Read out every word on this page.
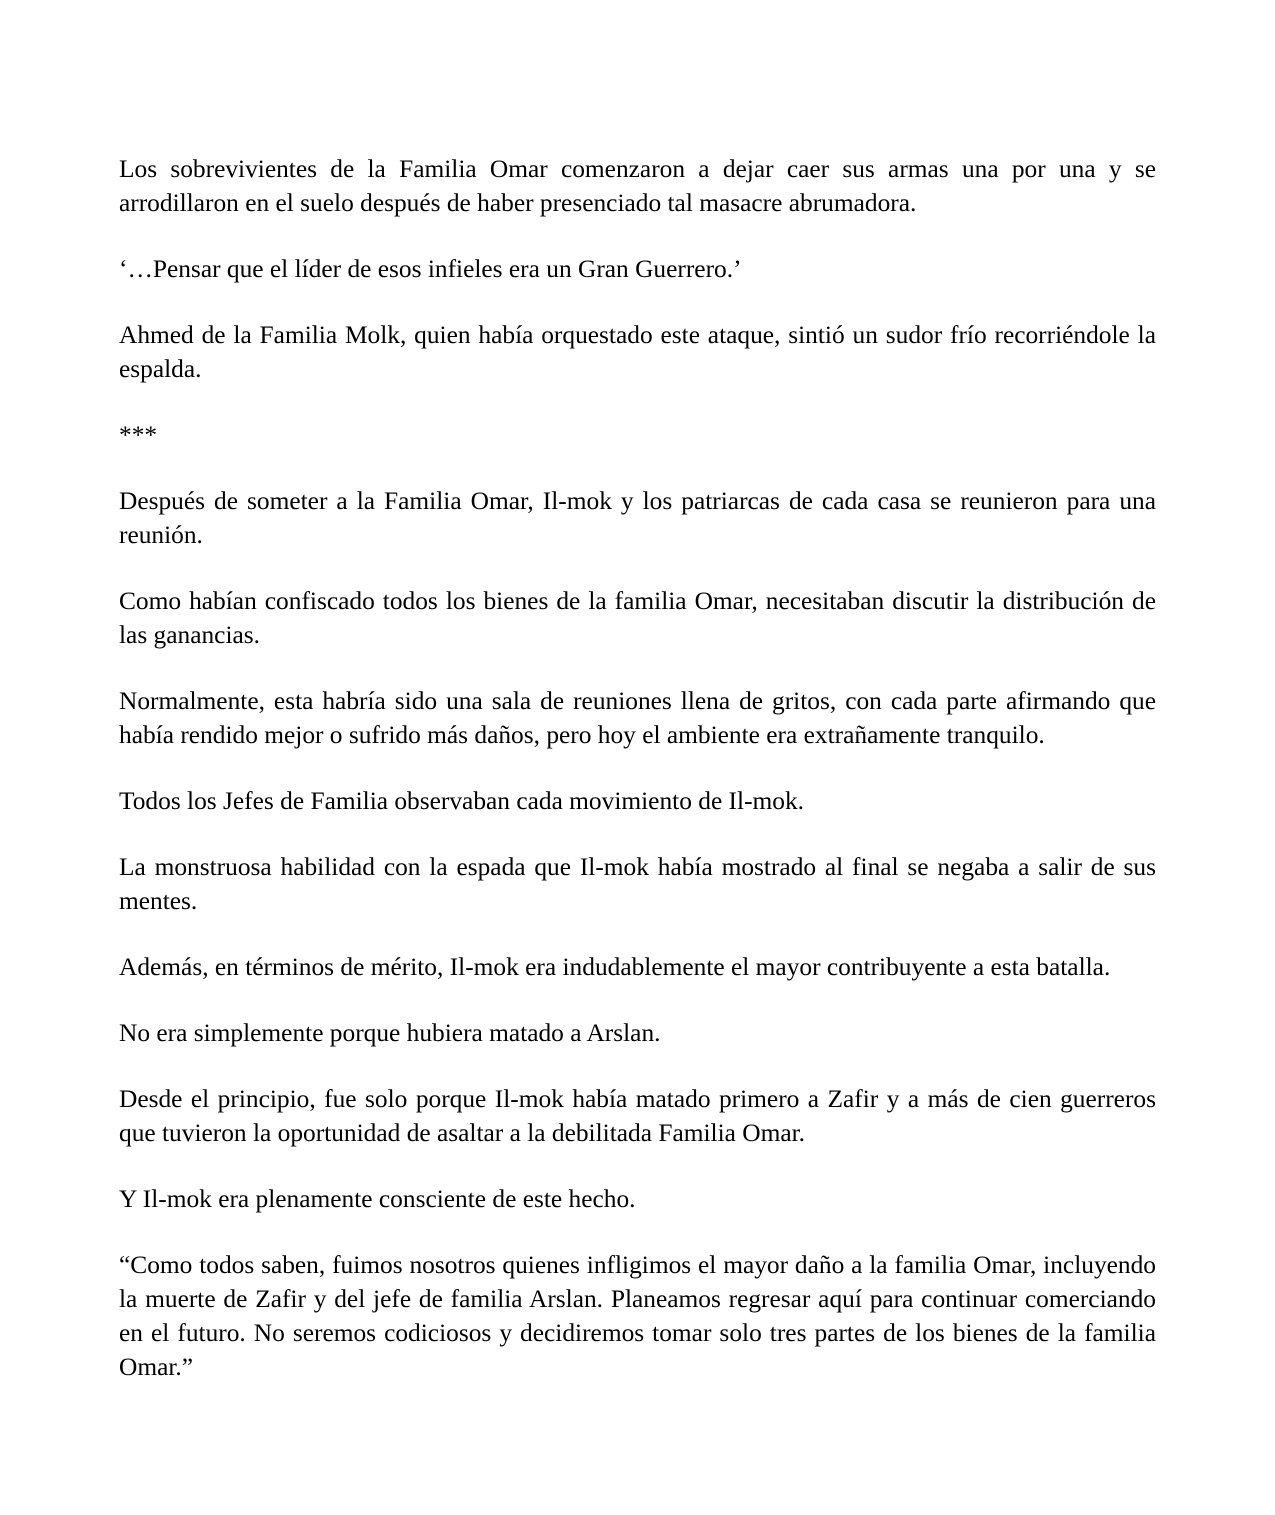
Los sobrevivientes de la Familia Omar comenzaron a dejar caer sus armas una por una y se arrodillaron en el suelo después de haber presenciado tal masacre abrumadora.

‘…Pensar que el líder de esos infieles era un Gran Guerrero.’

Ahmed de la Familia Molk, quien había orquestado este ataque, sintió un sudor frío recorriéndole la espalda.

***

Después de someter a la Familia Omar, Il-mok y los patriarcas de cada casa se reunieron para una reunión.

Como habían confiscado todos los bienes de la familia Omar, necesitaban discutir la distribución de las ganancias.

Normalmente, esta habría sido una sala de reuniones llena de gritos, con cada parte afirmando que había rendido mejor o sufrido más daños, pero hoy el ambiente era extrañamente tranquilo.

Todos los Jefes de Familia observaban cada movimiento de Il-mok.

La monstruosa habilidad con la espada que Il-mok había mostrado al final se negaba a salir de sus mentes.

Además, en términos de mérito, Il-mok era indudablemente el mayor contribuyente a esta batalla.

No era simplemente porque hubiera matado a Arslan.

Desde el principio, fue solo porque Il-mok había matado primero a Zafir y a más de cien guerreros que tuvieron la oportunidad de asaltar a la debilitada Familia Omar.

Y Il-mok era plenamente consciente de este hecho.

“Como todos saben, fuimos nosotros quienes infligimos el mayor daño a la familia Omar, incluyendo la muerte de Zafir y del jefe de familia Arslan. Planeamos regresar aquí para continuar comerciando en el futuro. No seremos codiciosos y decidiremos tomar solo tres partes de los bienes de la familia Omar.”
